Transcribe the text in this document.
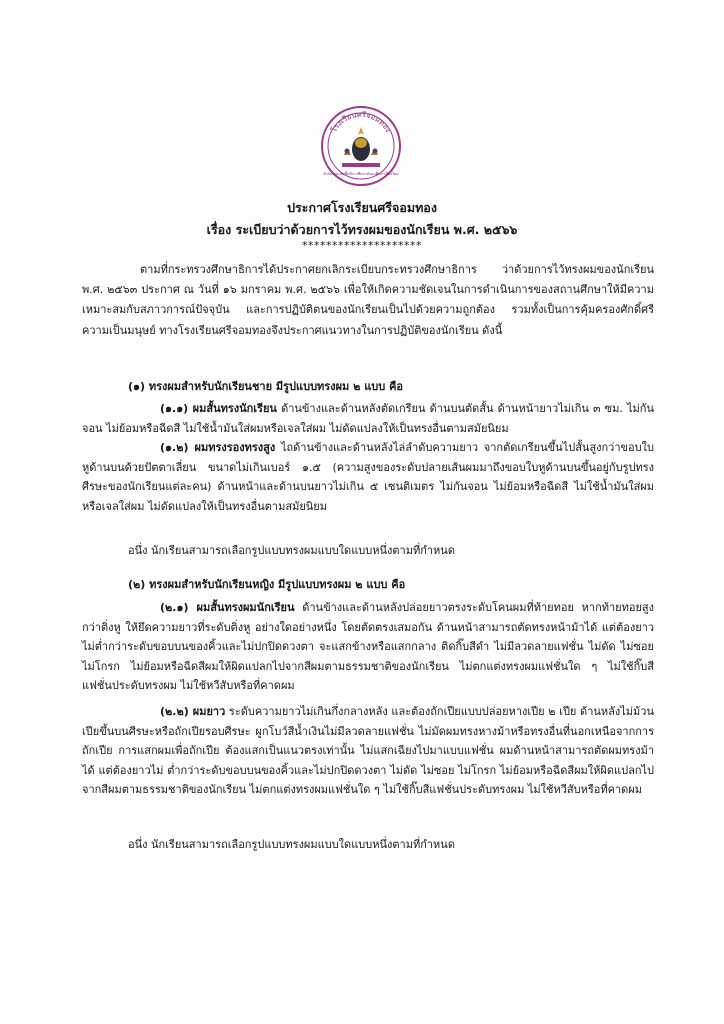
โรงเรียนศรีจอมทอง
สำนักงานเขตพื้นที่การศึกษามัธยมศึกษาเชียงใหม่
ประกาศโรงเรียนศรีจอมทอง
เรื่อง ระเบียบว่าด้วยการไว้ทรงผมของนักเรียน พ.ศ. ๒๕๖๖
********************
ตามที่กระทรวงศึกษาธิการได้ประกาศยกเลิกระเบียบกระทรวงศึกษาธิการ ว่าด้วยการไว้ทรงผมของนักเรียน พ.ศ. ๒๕๖๓ ประกาศ ณ วันที่ ๑๖ มกราคม พ.ศ. ๒๕๖๖ เพื่อให้เกิดความชัดเจนในการดำเนินการของสถานศึกษาให้มีความเหมาะสมกับสภาวการณ์ปัจจุบัน และการปฏิบัติตนของนักเรียนเป็นไปด้วยความถูกต้อง รวมทั้งเป็นการคุ้มครองศักดิ์ศรีความเป็นมนุษย์ ทางโรงเรียนศรีจอมทองจึงประกาศแนวทางในการปฏิบัติของนักเรียน ดังนี้
(๑) ทรงผมสำหรับนักเรียนชาย มีรูปแบบทรงผม ๒ แบบ คือ
(๑.๑) ผมสั้นทรงนักเรียน ด้านข้างและด้านหลังตัดเกรียน ด้านบนตัดสั้น ด้านหน้ายาวไม่เกิน ๓ ซม. ไม่กันจอน ไม่ย้อมหรือฉีดสี ไม่ใช้น้ำมันใส่ผมหรือเจลใส่ผม ไม่ดัดแปลงให้เป็นทรงอื่นตามสมัยนิยม
(๑.๒) ผมทรงรองทรงสูง ไถด้านข้างและด้านหลังไล่ลำดับความยาว จากตัดเกรียนขึ้นไปสั้นสูงกว่าขอบใบหูด้านบนด้วยปัตตาเลี่ยน ขนาดไม่เกินเบอร์ ๑.๕ (ความสูงของระดับปลายเส้นผมมาถึงขอบใบหูด้านบนขึ้นอยู่กับรูปทรงศีรษะของนักเรียนแต่ละคน) ด้านหน้าและด้านบนยาวไม่เกิน ๕ เซนติเมตร ไม่กันจอน ไม่ย้อมหรือฉีดสี ไม่ใช้น้ำมันใส่ผม หรือเจลใส่ผม ไม่ดัดแปลงให้เป็นทรงอื่นตามสมัยนิยม
อนึ่ง นักเรียนสามารถเลือกรูปแบบทรงผมแบบใดแบบหนึ่งตามที่กำหนด
(๒) ทรงผมสำหรับนักเรียนหญิง มีรูปแบบทรงผม ๒ แบบ คือ
(๒.๑) ผมสั้นทรงผมนักเรียน ด้านข้างและด้านหลังปล่อยยาวตรงระดับโคนผมที่ท้ายทอย หากท้ายทอยสูงกว่าติ่งหู ให้ยึดความยาวที่ระดับติ่งหู อย่างใดอย่างหนึ่ง โดยตัดตรงเสมอกัน ด้านหน้าสามารถตัดทรงหน้าม้าได้ แต่ต้องยาวไม่ต่ำกว่าระดับขอบบนของคิ้วและไม่ปกปิดดวงตา จะแสกข้างหรือแสกกลาง ติดกิ๊บสีดำ ไม่มีลวดลายแฟชั่น ไม่ดัด ไม่ซอย ไม่โกรก ไม่ย้อมหรือฉีดสีผมให้ผิดแปลกไปจากสีผมตามธรรมชาติของนักเรียน ไม่ตกแต่งทรงผมแฟชั่นใด ๆ ไม่ใช้กิ๊บสีแฟชั่นประดับทรงผม ไม่ใช้หวีสับหรือที่คาดผม
(๒.๒) ผมยาว ระดับความยาวไม่เกินกึ่งกลางหลัง และต้องถักเปียแบบปล่อยหางเปีย ๒ เปีย ด้านหลังไม่ม้วนเปียขึ้นบนศีรษะหรือถักเปียรอบศีรษะ ผูกโบว์สีน้ำเงินไม่มีลวดลายแฟชั่น ไม่มัดผมทรงหางม้าหรือทรงอื่นที่นอกเหนือจากการถักเปีย การแสกผมเพื่อถักเปีย ต้องแสกเป็นแนวตรงเท่านั้น ไม่แสกเฉียงไปมาแบบแฟชั่น ผมด้านหน้าสามารถตัดผมทรงม้าได้ แต่ต้องยาวไม่ ต่ำกว่าระดับขอบบนของคิ้วและไม่ปกปิดดวงตา ไม่ดัด ไม่ซอย ไม่โกรก ไม่ย้อมหรือฉีดสีผมให้ผิดแปลกไปจากสีผมตามธรรมชาติของนักเรียน ไม่ตกแต่งทรงผมแฟชั่นใด ๆ ไม่ใช้กิ๊บสีแฟชั่นประดับทรงผม ไม่ใช้หวีสับหรือที่คาดผม
อนึ่ง นักเรียนสามารถเลือกรูปแบบทรงผมแบบใดแบบหนึ่งตามที่กำหนด
